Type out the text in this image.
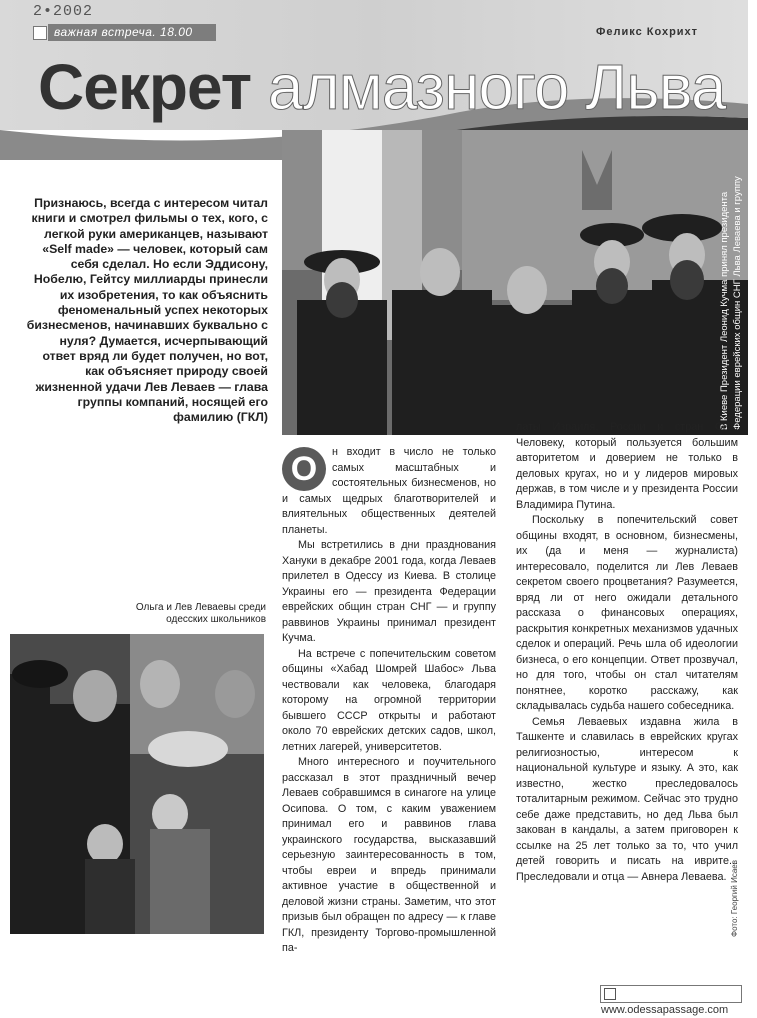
2•2002
важная встреча. 18.00	Феликс Кохрихт
Секрет алмазного Льва
В Киеве Президент Леонид Кучма принял президента Федерации еврейских общин СНГ Льва Леваева и группу раввинов
Признаюсь, всегда с интересом читал книги и смотрел фильмы о тех, кого, с легкой руки американцев, называют «Self made» — человек, который сам себя сделал. Но если Эддисону, Нобелю, Гейтсу миллиарды принесли их изобретения, то как объяснить феноменальный успех некоторых бизнесменов, начинавших буквально с нуля? Думается, исчерпывающий ответ вряд ли будет получен, но вот, как объясняет природу своей жизненной удачи Лев Леваев — глава группы компаний, носящей его фамилию (ГКЛ)
Ольга и Лев Леваевы среди одесских школьников
О	н входит в число не только самых масштабных и состоятельных бизнесменов, но и самых щедрых благотворителей и влиятельных общественных деятелей планеты.

Мы встретились в дни празднования Хануки в декабре 2001 года, когда Леваев прилетел в Одессу из Киева. В столице Украины его — президента Федерации еврейских общин стран СНГ — и группу раввинов Украины принимал президент Кучма.

На встрече с попечительским советом общины «Хабад Шомрей Шабос» Льва чествовали как человека, благодаря которому на огромной территории бывшего СССР открыты и работают около 70 еврейских детских садов, школ, летних лагерей, университетов.

Много интересного и поучительного рассказал в этот праздничный вечер Леваев собравшимся в синагоге на улице Осипова. О том, с каким уважением принимал его и раввинов глава украинского государства, высказавший серьезную заинтересованность в том, чтобы евреи и впредь принимали активное участие в общественной и деловой жизни страны. Заметим, что этот призыв был обращен по адресу — к главе ГКЛ, президенту Торгово-промышленной па-

латы Израиля, России и стран СНГ. Человеку, который пользуется большим авторитетом и доверием не только в деловых кругах, но и у лидеров мировых держав, в том числе и у президента России Владимира Путина.

Поскольку в попечительский совет общины входят, в основном, бизнесмены, их (да и меня — журналиста) интересовало, поделится ли Лев Леваев секретом своего процветания? Разумеется, вряд ли от него ожидали детального рассказа о финансовых операциях, раскрытия конкретных механизмов удачных сделок и операций. Речь шла об идеологии бизнеса, о его концепции. Ответ прозвучал, но для того, чтобы он стал читателям понятнее, коротко расскажу, как складывалась судьба нашего собеседника.

Семья Леваевых издавна жила в Ташкенте и славилась в еврейских кругах религиозностью, интересом к национальной культуре и языку. А это, как известно, жестко преследовалось тоталитарным режимом. Сейчас это трудно себе даже представить, но дед Льва был закован в кандалы, а затем приговорен к ссылке на 25 лет только за то, что учил детей говорить и писать на иврите... Преследовали и отца — Авнера Леваева. Фото: Георгий Исаев
www.odessapassage.com
